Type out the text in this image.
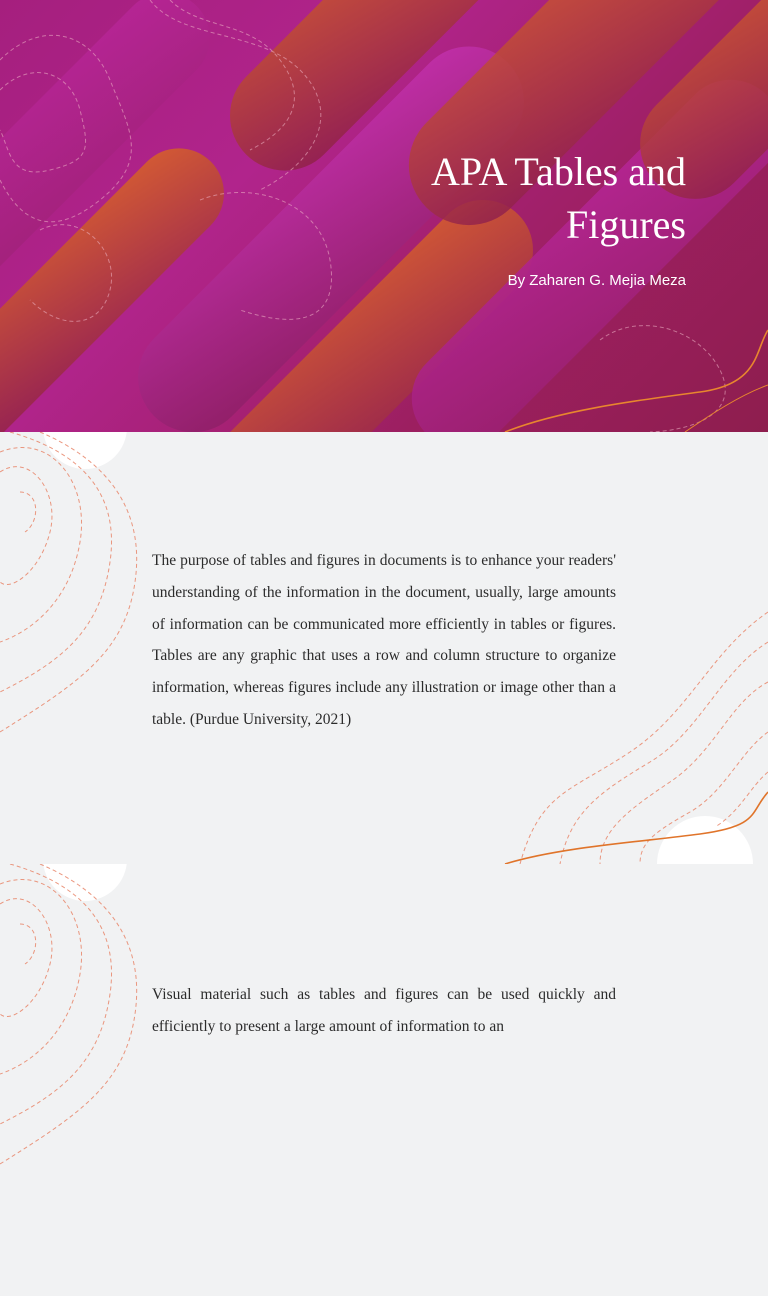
APA Tables and Figures
By Zaharen G. Mejia Meza

The purpose of tables and figures in documents is to enhance your readers' understanding of the information in the document, usually, large amounts of information can be communicated more efficiently in tables or figures. Tables are any graphic that uses a row and column structure to organize information, whereas figures include any illustration or image other than a table. (Purdue University, 2021)

Visual material such as tables and figures can be used quickly and efficiently to present a large amount of information to an
